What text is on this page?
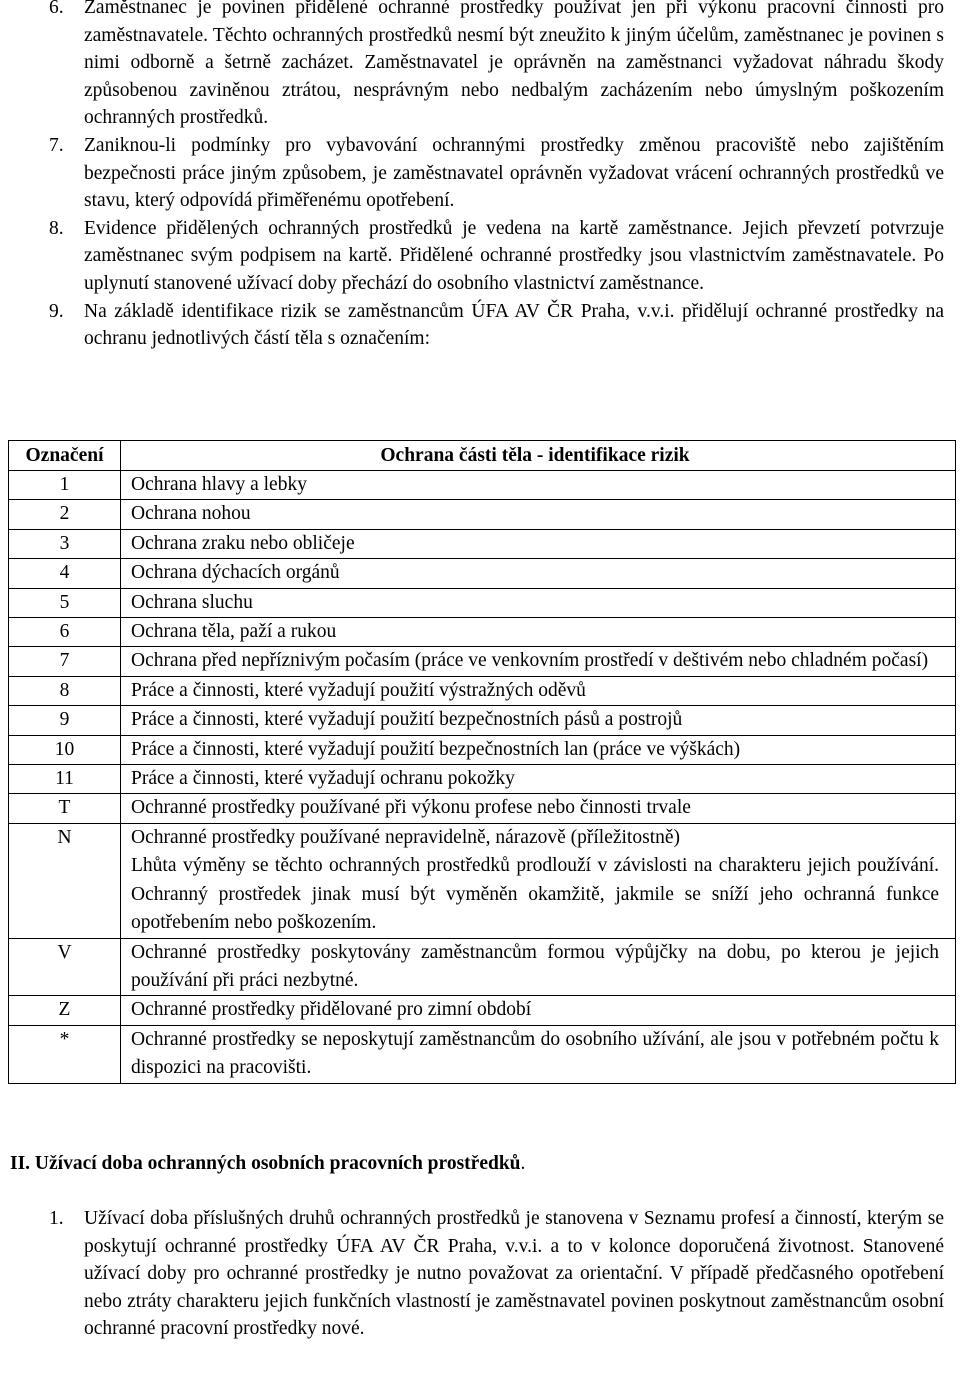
6. Zaměstnanec je povinen přidělené ochranné prostředky používat jen při výkonu pracovní činnosti pro zaměstnavatele. Těchto ochranných prostředků nesmí být zneužito k jiným účelům, zaměstnanec je povinen s nimi odborně a šetrně zacházet. Zaměstnavatel je oprávněn na zaměstnanci vyžadovat náhradu škody způsobenou zaviněnou ztrátou, nesprávným nebo nedbalým zacházením nebo úmyslným poškozením ochranných prostředků.

7. Zaniknou-li podmínky pro vybavování ochrannými prostředky změnou pracoviště nebo zajištěním bezpečnosti práce jiným způsobem, je zaměstnavatel oprávněn vyžadovat vrácení ochranných prostředků ve stavu, který odpovídá přiměřenému opotřebení.

8. Evidence přidělených ochranných prostředků je vedena na kartě zaměstnance. Jejich převzetí potvrzuje zaměstnanec svým podpisem na kartě. Přidělené ochranné prostředky jsou vlastnictvím zaměstnavatele. Po uplynutí stanovené užívací doby přechází do osobního vlastnictví zaměstnance.

9. Na základě identifikace rizik se zaměstnancům ÚFA AV ČR Praha, v.v.i. přidělují ochranné prostředky na ochranu jednotlivých částí těla s označením:

Označení	Ochrana části těla - identifikace rizik
1	Ochrana hlavy a lebky

2	Ochrana nohou

3	Ochrana zraku nebo obličeje

4	Ochrana dýchacích orgánů

5	Ochrana sluchu

6	Ochrana těla, paží a rukou

7	Ochrana před nepříznivým počasím (práce ve venkovním prostředí v deštivém nebo chladném počasí)

8	Práce a činnosti, které vyžadují použití výstražných oděvů

9	Práce a činnosti, které vyžadují použití bezpečnostních pásů a postrojů

10	Práce a činnosti, které vyžadují použití bezpečnostních lan (práce ve výškách)

11	Práce a činnosti, které vyžadují ochranu pokožky

T	Ochranné prostředky používané při výkonu profese nebo činnosti trvale

N	Ochranné prostředky používané nepravidelně, nárazově (příležitostně)
Lhůta výměny se těchto ochranných prostředků prodlouží v závislosti na charakteru jejich používání. Ochranný prostředek jinak musí být vyměněn okamžitě, jakmile se sníží jeho ochranná funkce opotřebením nebo poškozením.

V	Ochranné prostředky poskytovány zaměstnancům formou výpůjčky na dobu, po kterou je jejich používání při práci nezbytné.

Z	Ochranné prostředky přidělované pro zimní období

*	Ochranné prostředky se neposkytují zaměstnancům do osobního užívání, ale jsou v potřebném počtu k dispozici na pracovišti.

II. Užívací doba ochranných osobních pracovních prostředků.

1. Užívací doba příslušných druhů ochranných prostředků je stanovena v Seznamu profesí a činností, kterým se poskytují ochranné prostředky ÚFA AV ČR Praha, v.v.i. a to v kolonce doporučená životnost. Stanovené užívací doby pro ochranné prostředky je nutno považovat za orientační. V případě předčasného opotřebení nebo ztráty charakteru jejich funkčních vlastností je zaměstnavatel povinen poskytnout zaměstnancům osobní ochranné pracovní prostředky nové.
